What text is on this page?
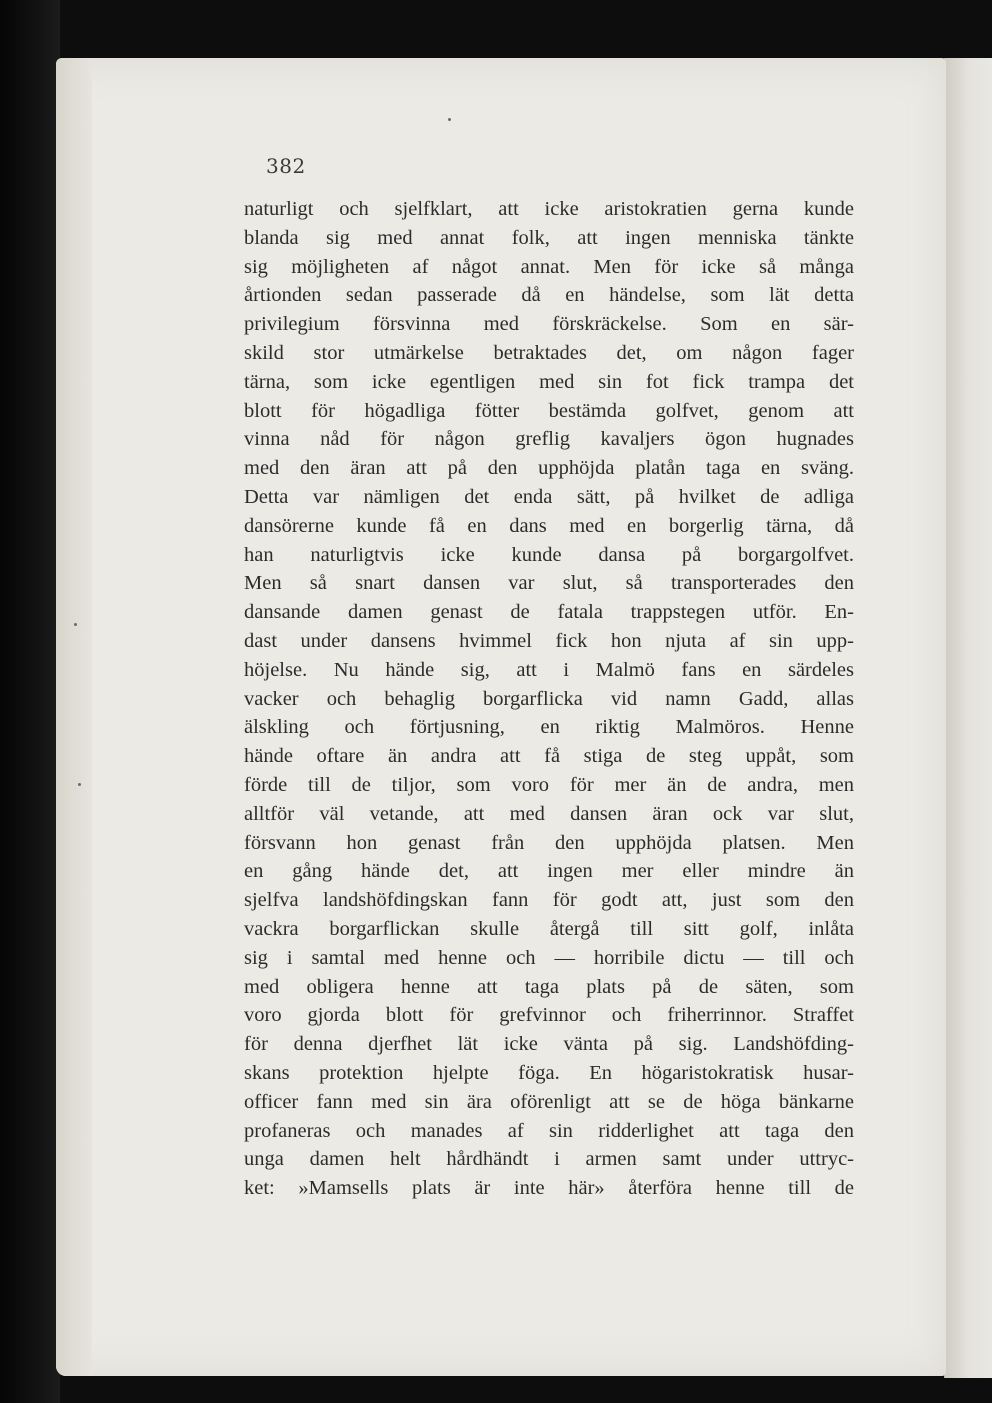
382
naturligt och sjelfklart, att icke aristokratien gerna kunde
blanda sig med annat folk, att ingen menniska tänkte
sig möjligheten af något annat. Men för icke så många
årtionden sedan passerade då en händelse, som lät detta
privilegium försvinna med förskräckelse. Som en sär-
skild stor utmärkelse betraktades det, om någon fager
tärna, som icke egentligen med sin fot fick trampa det
blott för högadliga fötter bestämda golfvet, genom att
vinna nåd för någon greflig kavaljers ögon hugnades
med den äran att på den upphöjda platån taga en sväng.
Detta var nämligen det enda sätt, på hvilket de adliga
dansörerne kunde få en dans med en borgerlig tärna, då
han naturligtvis icke kunde dansa på borgargolfvet.
Men så snart dansen var slut, så transporterades den
dansande damen genast de fatala trappstegen utför. En-
dast under dansens hvimmel fick hon njuta af sin upp-
höjelse. Nu hände sig, att i Malmö fans en särdeles
vacker och behaglig borgarflicka vid namn Gadd, allas
älskling och förtjusning, en riktig Malmöros. Henne
hände oftare än andra att få stiga de steg uppåt, som
förde till de tiljor, som voro för mer än de andra, men
alltför väl vetande, att med dansen äran ock var slut,
försvann hon genast från den upphöjda platsen. Men
en gång hände det, att ingen mer eller mindre än
sjelfva landshöfdingskan fann för godt att, just som den
vackra borgarflickan skulle återgå till sitt golf, inlåta
sig i samtal med henne och — horribile dictu — till och
med obligera henne att taga plats på de säten, som
voro gjorda blott för grefvinnor och friherrinnor. Straffet
för denna djerfhet lät icke vänta på sig. Landshöfding-
skans protektion hjelpte föga. En högaristokratisk husar-
officer fann med sin ära oförenligt att se de höga bänkarne
profaneras och manades af sin ridderlighet att taga den
unga damen helt hårdhändt i armen samt under uttryc-
ket: »Mamsells plats är inte här» återföra henne till de
